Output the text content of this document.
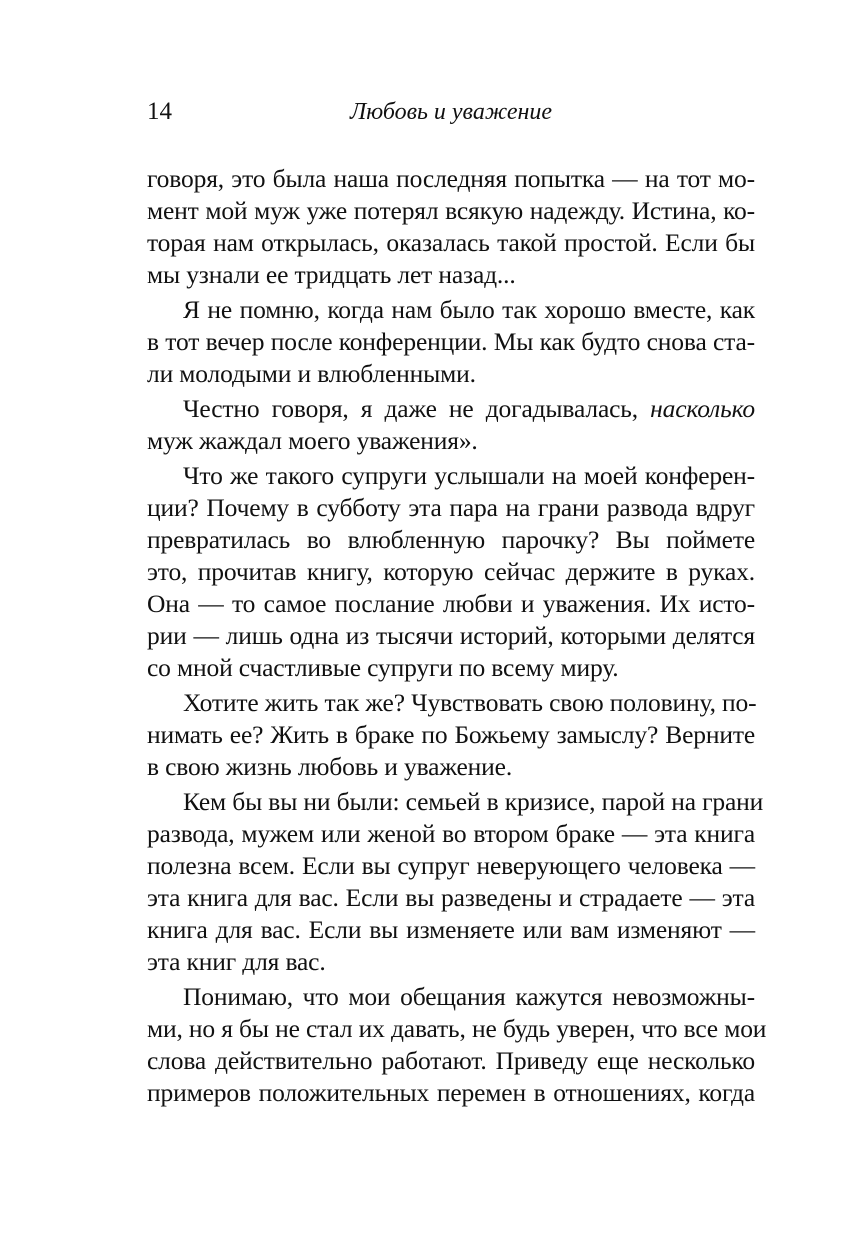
14	Любовь и уважение
говоря, это была наша последняя попытка — на тот мо-
мент мой муж уже потерял всякую надежду. Истина, ко-
торая нам открылась, оказалась такой простой. Если бы
мы узнали ее тридцать лет назад...
Я не помню, когда нам было так хорошо вместе, как
в тот вечер после конференции. Мы как будто снова ста-
ли молодыми и влюбленными.
Честно говоря, я даже не догадывалась, насколько
муж жаждал моего уважения».
Что же такого супруги услышали на моей конферен-
ции? Почему в субботу эта пара на грани развода вдруг
превратилась во влюбленную парочку? Вы поймете
это, прочитав книгу, которую сейчас держите в руках.
Она — то самое послание любви и уважения. Их исто-
рии — лишь одна из тысячи историй, которыми делятся
со мной счастливые супруги по всему миру.
Хотите жить так же? Чувствовать свою половину, по-
нимать ее? Жить в браке по Божьему замыслу? Верните
в свою жизнь любовь и уважение.
Кем бы вы ни были: семьей в кризисе, парой на грани
развода, мужем или женой во втором браке — эта книга
полезна всем. Если вы супруг неверующего человека —
эта книга для вас. Если вы разведены и страдаете — эта
книга для вас. Если вы изменяете или вам изменяют —
эта книг для вас.
Понимаю, что мои обещания кажутся невозможны-
ми, но я бы не стал их давать, не будь уверен, что все мои
слова действительно работают. Приведу еще несколько
примеров положительных перемен в отношениях, когда
